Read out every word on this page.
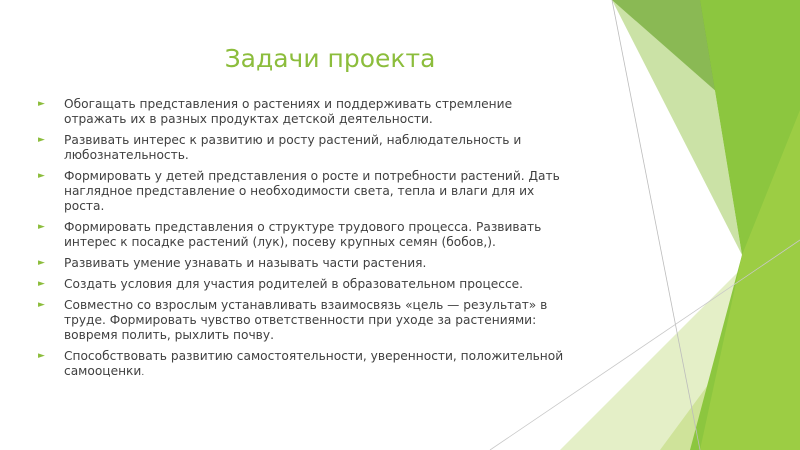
Задачи проекта
► Обогащать представления о растениях и поддерживать стремление отражать их в разных продуктах детской деятельности.
► Развивать интерес к развитию и росту растений, наблюдательность и любознательность.
► Формировать у детей представления о росте и потребности растений. Дать наглядное представление о необходимости света, тепла и влаги для их роста.
► Формировать представления о структуре трудового процесса. Развивать интерес к посадке растений (лук), посеву крупных семян (бобов,).
► Развивать умение узнавать и называть части растения.
► Создать условия для участия родителей в образовательном процессе.
► Совместно со взрослым устанавливать взаимосвязь «цель — результат» в труде. Формировать чувство ответственности при уходе за растениями: вовремя полить, рыхлить почву.
► Способствовать развитию самостоятельности, уверенности, положительной самооценки.
